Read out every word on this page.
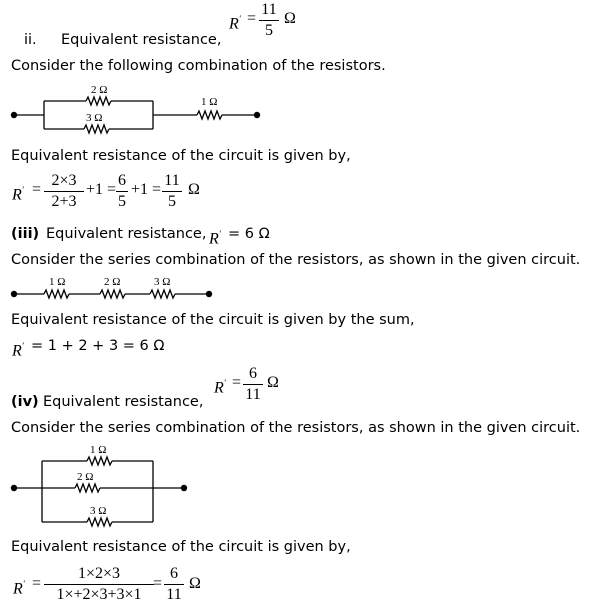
R' =
11
5
Ω
ii. Equivalent resistance,
Consider the following combination of the resistors.
2 Ω
3 Ω
1 Ω
Equivalent resistance of the circuit is given by,
R' =
2×3
2+3
+1 =
6
5
+1 =
11
5
Ω
(iii) Equivalent resistance, R' = 6 Ω
Consider the series combination of the resistors, as shown in the given circuit.
1 Ω	2 Ω	3 Ω
Equivalent resistance of the circuit is given by the sum,
R' = 1 + 2 + 3 = 6 Ω
R' =
6
11
Ω
(iv) Equivalent resistance,
Consider the series combination of the resistors, as shown in the given circuit.
1 Ω
2 Ω
3 Ω
Equivalent resistance of the circuit is given by,
R' =
1×2×3
1×+2×3+3×1
=
6
11
Ω
